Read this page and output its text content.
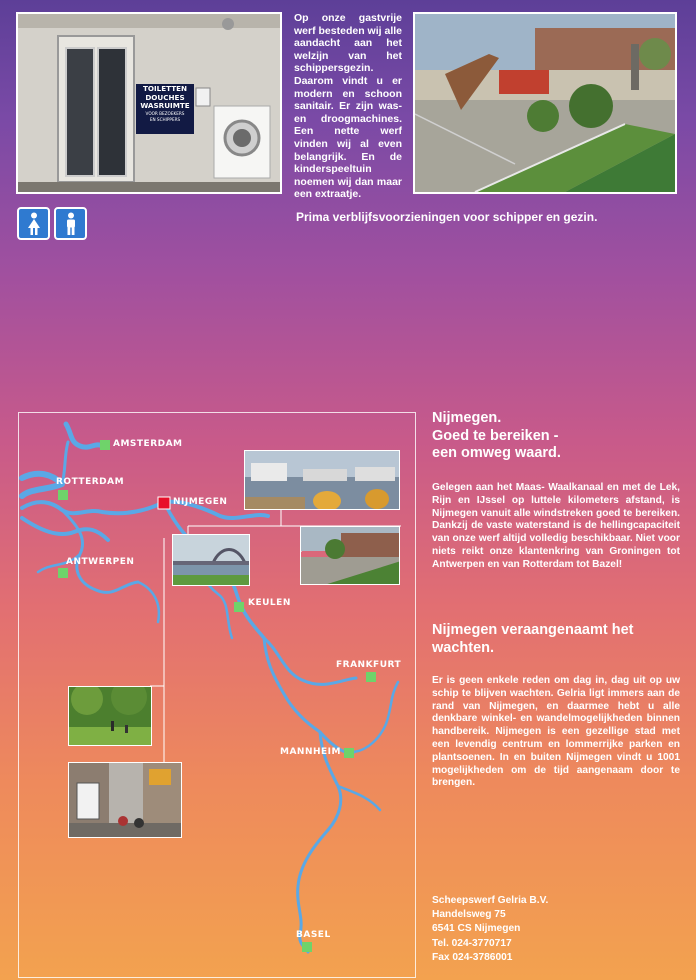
TOILETTEN
DOUCHES
WASRUIMTE
VOOR BEZOEKERS
EN SCHIPPERS
Op onze gastvrije werf besteden wij alle aandacht aan het welzijn van het schippersgezin. Daarom vindt u er modern en schoon sanitair. Er zijn was- en droogmachines. Een nette werf vinden wij al even belangrijk. En de kinderspeeltuin noemen wij dan maar een extraatje.
Prima verblijfsvoorzieningen voor schipper en gezin.
AMSTERDAM
ROTTERDAM
NIJMEGEN
ANTWERPEN
KEULEN
FRANKFURT
MANNHEIM
BASEL
Nijmegen.
Goed te bereiken -
een omweg waard.
Gelegen aan het Maas- Waalkanaal en met de Lek, Rijn en IJssel op luttele kilometers afstand, is Nijmegen vanuit alle windstreken goed te bereiken. Dankzij de vaste waterstand is de hellingcapaciteit van onze werf altijd volledig beschikbaar. Niet voor niets reikt onze klantenkring van Groningen tot Antwerpen en van Rotterdam tot Bazel!
Nijmegen veraangenaamt het
wachten.
Er is geen enkele reden om dag in, dag uit op uw schip te blijven wachten. Gelria ligt immers aan de rand van Nijmegen, en daarmee hebt u alle denkbare winkel- en wandelmogelijkheden binnen handbereik. Nijmegen is een gezellige stad met een levendig centrum en lommerrijke parken en plantsoenen. In en buiten Nijmegen vindt u 1001 mogelijkheden om de tijd aangenaam door te brengen.
Scheepswerf Gelria B.V.
Handelsweg 75
6541 CS Nijmegen
Tel. 024-3770717
Fax 024-3786001
